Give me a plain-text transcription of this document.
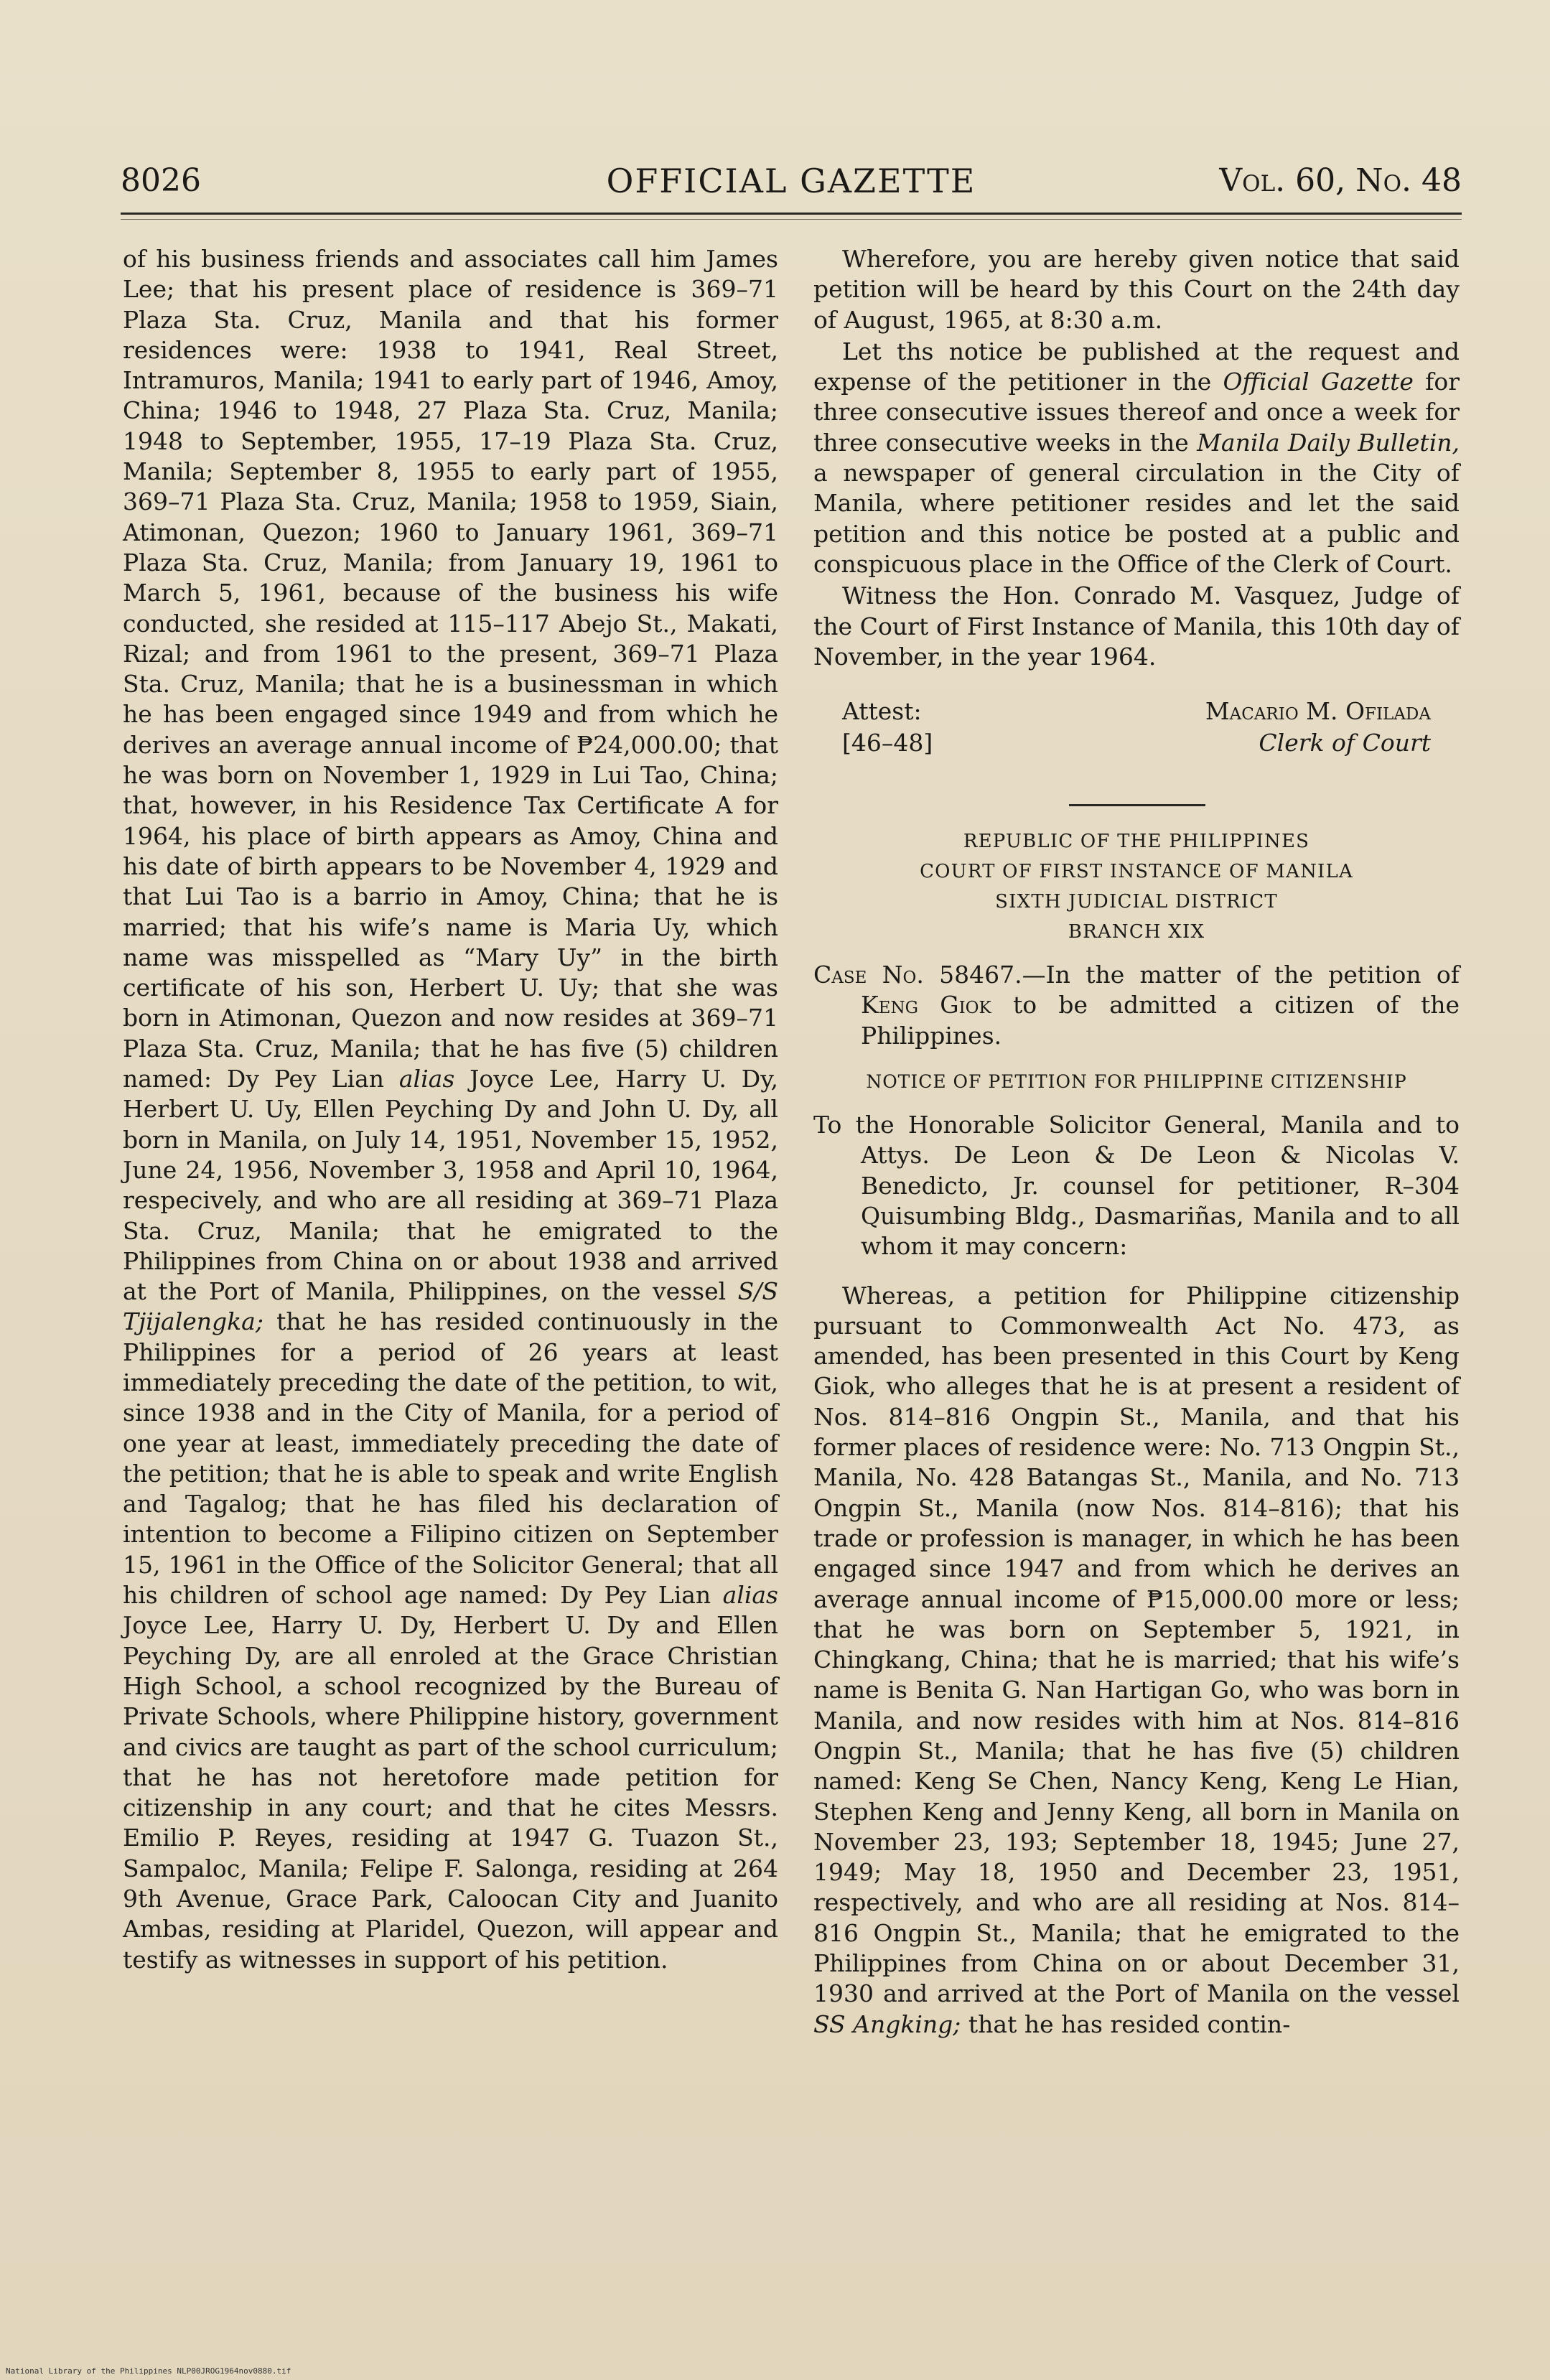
8026	OFFICIAL GAZETTE	Vol. 60, No. 48

of his business friends and associates call him James Lee; that his present place of residence is 369–71 Plaza Sta. Cruz, Manila and that his former residences were: 1938 to 1941, Real Street, Intramuros, Manila; 1941 to early part of 1946, Amoy, China; 1946 to 1948, 27 Plaza Sta. Cruz, Manila; 1948 to September, 1955, 17–19 Plaza Sta. Cruz, Manila; September 8, 1955 to early part of 1955, 369–71 Plaza Sta. Cruz, Manila; 1958 to 1959, Siain, Atimonan, Quezon; 1960 to January 1961, 369–71 Plaza Sta. Cruz, Manila; from January 19, 1961 to March 5, 1961, because of the business his wife conducted, she resided at 115–117 Abejo St., Makati, Rizal; and from 1961 to the present, 369–71 Plaza Sta. Cruz, Manila; that he is a businessman in which he has been engaged since 1949 and from which he derives an average annual income of ₱24,000.00; that he was born on November 1, 1929 in Lui Tao, China; that, however, in his Residence Tax Certificate A for 1964, his place of birth appears as Amoy, China and his date of birth appears to be November 4, 1929 and that Lui Tao is a barrio in Amoy, China; that he is married; that his wife’s name is Maria Uy, which name was misspelled as “Mary Uy” in the birth certificate of his son, Herbert U. Uy; that she was born in Atimonan, Quezon and now resides at 369–71 Plaza Sta. Cruz, Manila; that he has five (5) children named: Dy Pey Lian alias Joyce Lee, Harry U. Dy, Herbert U. Uy, Ellen Peyching Dy and John U. Dy, all born in Manila, on July 14, 1951, November 15, 1952, June 24, 1956, November 3, 1958 and April 10, 1964, respecively, and who are all residing at 369–71 Plaza Sta. Cruz, Manila; that he emigrated to the Philippines from China on or about 1938 and arrived at the Port of Manila, Philippines, on the vessel S/S Tjijalengka; that he has resided continuously in the Philippines for a period of 26 years at least immediately preceding the date of the petition, to wit, since 1938 and in the City of Manila, for a period of one year at least, immediately preceding the date of the petition; that he is able to speak and write English and Tagalog; that he has filed his declaration of intention to become a Filipino citizen on September 15, 1961 in the Office of the Solicitor General; that all his children of school age named: Dy Pey Lian alias Joyce Lee, Harry U. Dy, Herbert U. Dy and Ellen Peyching Dy, are all enroled at the Grace Christian High School, a school recognized by the Bureau of Private Schools, where Philippine history, government and civics are taught as part of the school curriculum; that he has not heretofore made petition for citizenship in any court; and that he cites Messrs. Emilio P. Reyes, residing at 1947 G. Tuazon St., Sampaloc, Manila; Felipe F. Salonga, residing at 264 9th Avenue, Grace Park, Caloocan City and Juanito Ambas, residing at Plaridel, Quezon, will appear and testify as witnesses in support of his petition.

Wherefore, you are hereby given notice that said petition will be heard by this Court on the 24th day of August, 1965, at 8:30 a.m.

Let ths notice be published at the request and expense of the petitioner in the Official Gazette for three consecutive issues thereof and once a week for three consecutive weeks in the Manila Daily Bulletin, a newspaper of general circulation in the City of Manila, where petitioner resides and let the said petition and this notice be posted at a public and conspicuous place in the Office of the Clerk of Court.

Witness the Hon. Conrado M. Vasquez, Judge of the Court of First Instance of Manila, this 10th day of November, in the year 1964.

Attest:
[46–48]
Macario M. Ofilada
Clerk of Court

REPUBLIC OF THE PHILIPPINES

COURT OF FIRST INSTANCE OF MANILA

SIXTH JUDICIAL DISTRICT

BRANCH XIX

Case No. 58467.—In the matter of the petition of Keng Giok to be admitted a citizen of the Philippines.

NOTICE OF PETITION FOR PHILIPPINE CITIZENSHIP

To the Honorable Solicitor General, Manila and to Attys. De Leon & De Leon & Nicolas V. Benedicto, Jr. counsel for petitioner, R–304 Quisumbing Bldg., Dasmariñas, Manila and to all whom it may concern:

Whereas, a petition for Philippine citizenship pursuant to Commonwealth Act No. 473, as amended, has been presented in this Court by Keng Giok, who alleges that he is at present a resident of Nos. 814–816 Ongpin St., Manila, and that his former places of residence were: No. 713 Ongpin St., Manila, No. 428 Batangas St., Manila, and No. 713 Ongpin St., Manila (now Nos. 814–816); that his trade or profession is manager, in which he has been engaged since 1947 and from which he derives an average annual income of ₱15,000.00 more or less; that he was born on September 5, 1921, in Chingkang, China; that he is married; that his wife’s name is Benita G. Nan Hartigan Go, who was born in Manila, and now resides with him at Nos. 814–816 Ongpin St., Manila; that he has five (5) children named: Keng Se Chen, Nancy Keng, Keng Le Hian, Stephen Keng and Jenny Keng, all born in Manila on November 23, 193; September 18, 1945; June 27, 1949; May 18, 1950 and December 23, 1951, respectively, and who are all residing at Nos. 814–816 Ongpin St., Manila; that he emigrated to the Philippines from China on or about December 31, 1930 and arrived at the Port of Manila on the vessel SS Angking; that he has resided contin-

National Library of the Philippines NLP00JROG1964nov0880.tif
